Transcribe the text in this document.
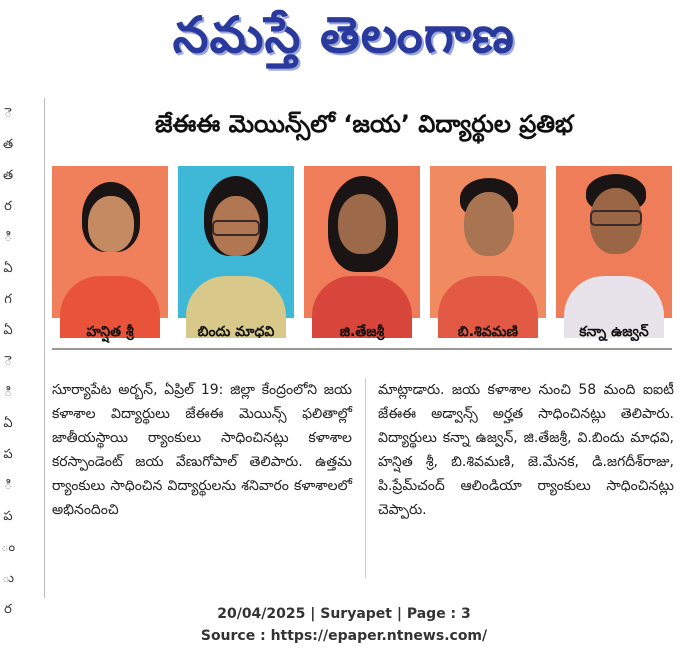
నమస్తే తెలంగాణ
ె
త
త
ర
ి
ఏ
గ
ఏ
ె
ి
ఏ
ప
ి
ప
ం
ు
ర
జేఈఈ మెయిన్స్‌లో ‘జయ’ విద్యార్థుల ప్రతిభ
హన్షిత శ్రీ	బిందు మాధవి	జి.తేజశ్రీ	బి.శివమణి	కన్నా ఉజ్వన్
సూర్యాపేట అర్బన్, ఏప్రిల్ 19: జిల్లా కేంద్రంలోని జయ కళాశాల విద్యార్థులు జేఈఈ మెయిన్స్ ఫలితాల్లో జాతీయస్థాయి ర్యాంకులు సాధించినట్లు కళాశాల కరస్పాండెంట్ జయ వేణుగోపాల్ తెలిపారు. ఉత్తమ ర్యాంకులు సాధించిన విద్యార్థులను శనివారం కళాశాలలో అభినందించి
మాట్లాడారు. జయ కళాశాల నుంచి 58 మంది ఐఐటీ జేఈఈ అడ్వాన్స్ అర్హత సాధించినట్లు తెలిపారు. విద్యార్థులు కన్నా ఉజ్వన్, జి.తేజశ్రీ, వి.బిందు మాధవి, హన్షిత శ్రీ, బి.శివమణి, జె.మేనక, డి.జగదీశ్‌రాజు, పి.ప్రేమ్‌చంద్ ఆలిండియా ర్యాంకులు సాధించినట్లు చెప్పారు.
20/04/2025 | Suryapet | Page : 3
Source : https://epaper.ntnews.com/
